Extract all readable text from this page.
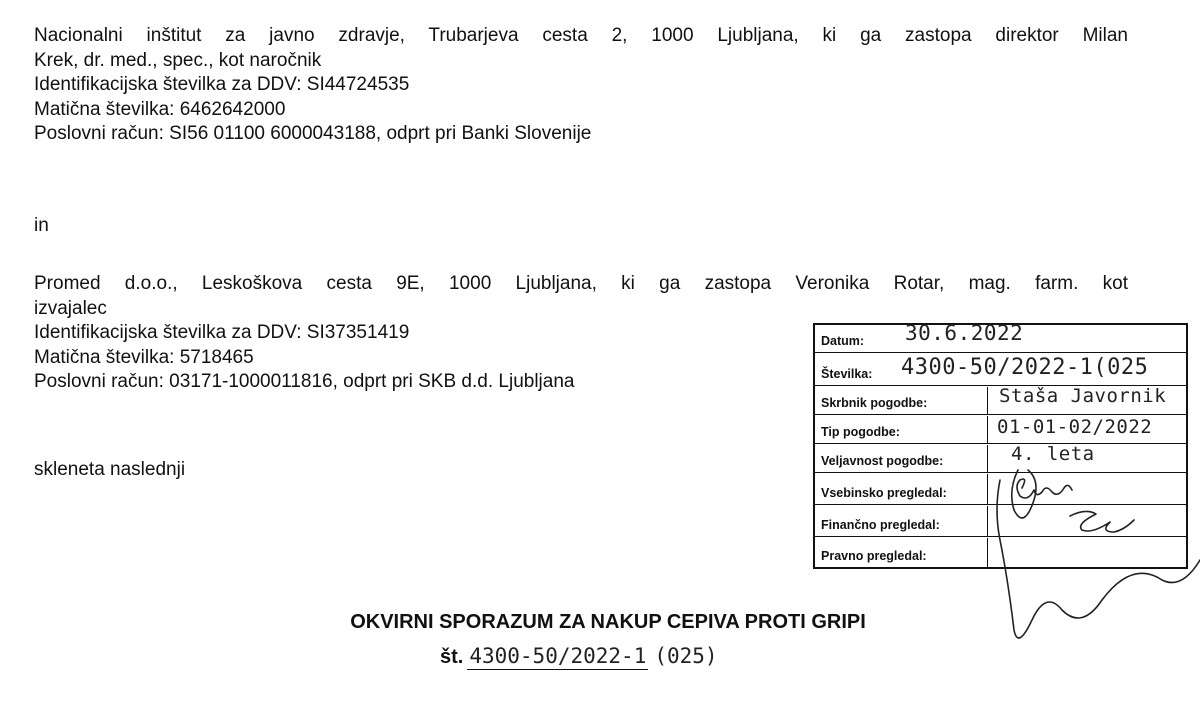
Nacionalni inštitut za javno zdravje, Trubarjeva cesta 2, 1000 Ljubljana, ki ga zastopa direktor Milan
Krek, dr. med., spec., kot naročnik
Identifikacijska številka za DDV: SI44724535
Matična številka: 6462642000
Poslovni račun: SI56 01100 6000043188, odprt pri Banki Slovenije
in
Promed d.o.o., Leskoškova cesta 9E, 1000 Ljubljana, ki ga zastopa Veronika Rotar, mag. farm. kot
izvajalec
Identifikacijska številka za DDV: SI37351419
Matična številka: 5718465
Poslovni račun: 03171-1000011816, odprt pri SKB d.d. Ljubljana
skleneta naslednji
Datum: 30.6.2022
Številka: 4300-50/2022-1(025
Skrbnik pogodbe:	Staša Javornik
Tip pogodbe:	01-01-02/2022
Veljavnost pogodbe:	4. leta
Vsebinsko pregledal:
Finančno pregledal:
Pravno pregledal:
OKVIRNI SPORAZUM ZA NAKUP CEPIVA PROTI GRIPI
št. 4300-50/2022-1 (025)
